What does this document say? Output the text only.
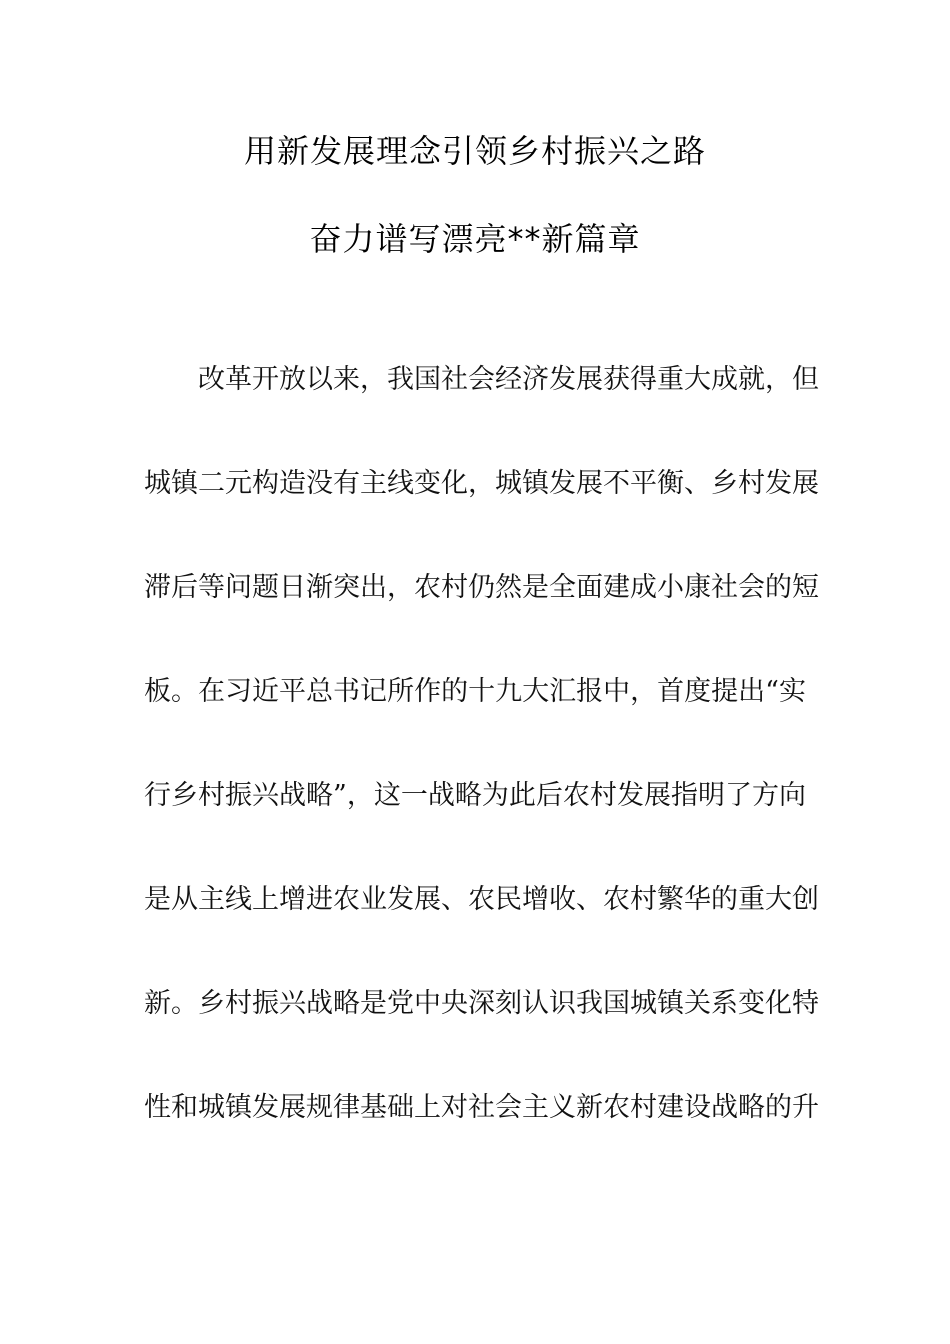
用新发展理念引领乡村振兴之路
奋力谱写漂亮**新篇章
改革开放以来，我国社会经济发展获得重大成就，但
城镇二元构造没有主线变化，城镇发展不平衡、乡村发展
滞后等问题日渐突出，农村仍然是全面建成小康社会的短
板。在习近平总书记所作的十九大汇报中，首度提出“实
行乡村振兴战略”，这一战略为此后农村发展指明了方向
是从主线上增进农业发展、农民增收、农村繁华的重大创
新。乡村振兴战略是党中央深刻认识我国城镇关系变化特
性和城镇发展规律基础上对社会主义新农村建设战略的升
